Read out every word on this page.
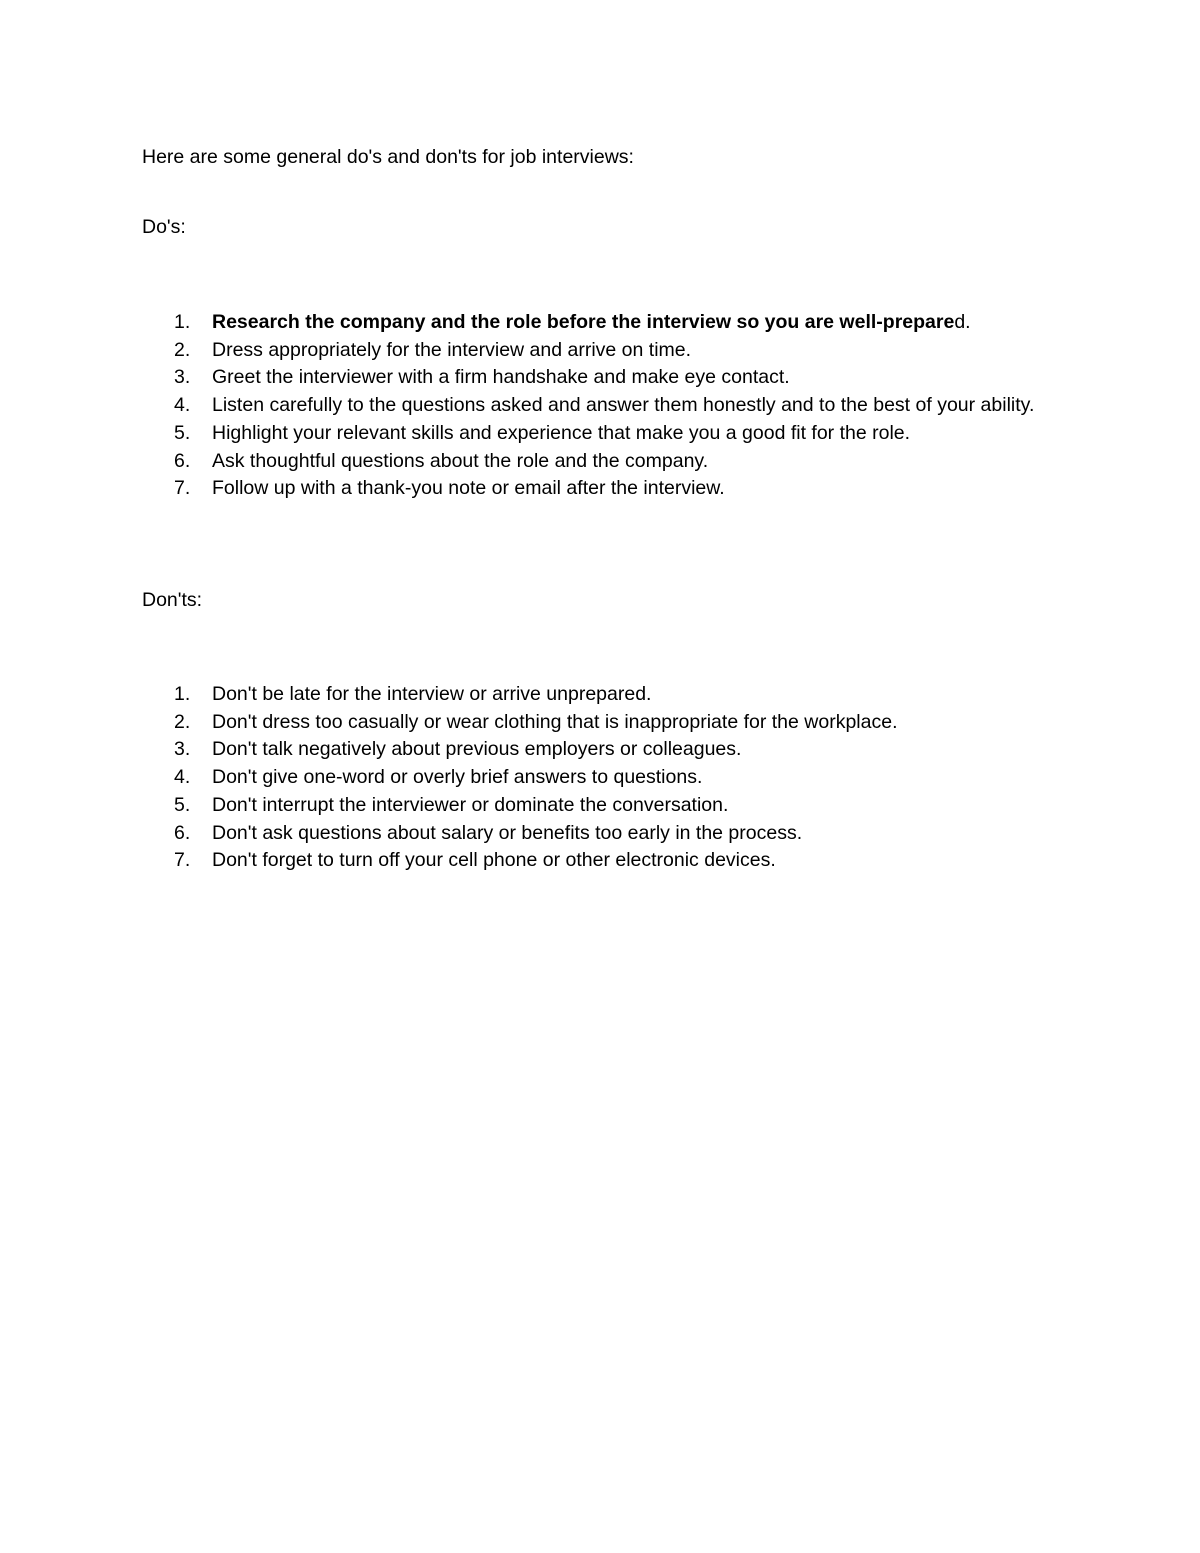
Here are some general do's and don'ts for job interviews:

Do's:

1.	Research the company and the role before the interview so you are well-prepared.
2.	Dress appropriately for the interview and arrive on time.
3.	Greet the interviewer with a firm handshake and make eye contact.
4.	Listen carefully to the questions asked and answer them honestly and to the best of your ability.
5.	Highlight your relevant skills and experience that make you a good fit for the role.
6.	Ask thoughtful questions about the role and the company.
7.	Follow up with a thank-you note or email after the interview.

Don'ts:

1.	Don't be late for the interview or arrive unprepared.
2.	Don't dress too casually or wear clothing that is inappropriate for the workplace.
3.	Don't talk negatively about previous employers or colleagues.
4.	Don't give one-word or overly brief answers to questions.
5.	Don't interrupt the interviewer or dominate the conversation.
6.	Don't ask questions about salary or benefits too early in the process.
7.	Don't forget to turn off your cell phone or other electronic devices.
